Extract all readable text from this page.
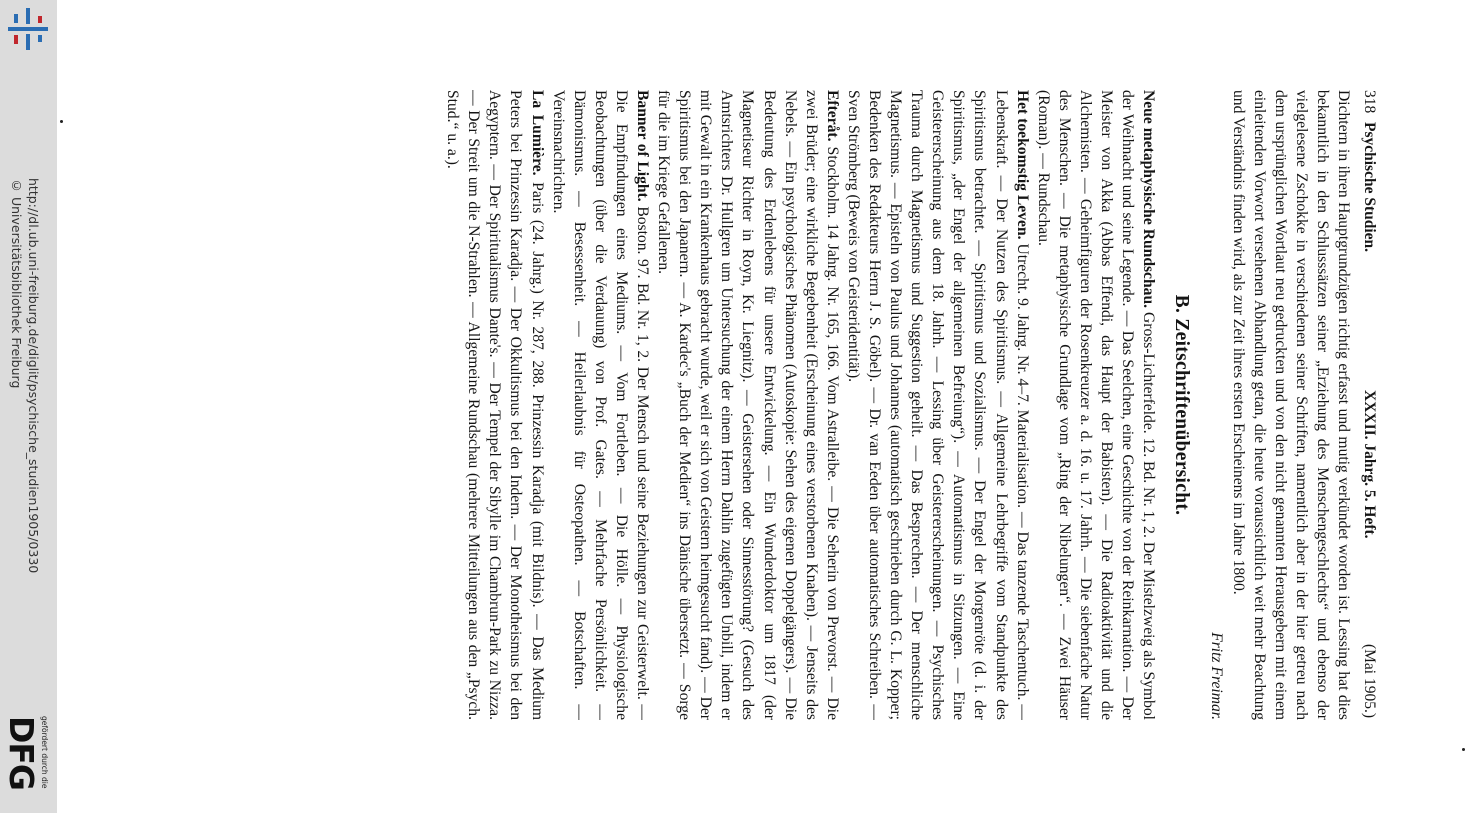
http://dl.ub.uni-freiburg.de/diglit/psychische_studien1905/0330
© Universitätsbibliothek Freiburg
gefördert durch die
DFG
318
Psychische Studien.
XXXII. Jahrg. 5. Heft.
(Mai 1905.)

Dichtern in ihren Hauptgrundzügen richtig erfasst und mutig verkündet worden ist. Lessing hat dies bekanntlich in den Schlusssätzen seiner „Erziehung des Menschengeschlechts“ und ebenso der vielgelesene Zschokke in verschiedenen seiner Schriften, namentlich aber in der hier getreu nach dem ursprünglichen Wortlaut neu gedruckten und von den nicht genannten Herausgebern mit einem einleitenden Vorwort versehenen Abhandlung getan, die heute voraussichtlich weit mehr Beachtung und Verständnis finden wird, als zur Zeit ihres ersten Erscheinens im Jahre 1800.

Fritz Freimar.

B. Zeitschriftenübersicht.

Neue metaphysische Rundschau. Gross-Lichterfelde. 12. Bd. Nr. 1, 2. Der Mistelzweig als Symbol der Weihnacht und seine Legende. — Das Seelchen, eine Geschichte von der Reinkarnation. — Der Meister von Akka (Abbas Effendi, das Haupt der Babisten). — Die Radioaktivität und die Alchemisten. — Geheimfiguren der Rosenkreuzer a. d. 16. u. 17. Jahrh. — Die siebenfache Natur des Menschen. — Die metaphysische Grundlage vom „Ring der Nibelungen“. — Zwei Häuser (Roman). — Rundschau.

Het toekomstig Leven. Utrecht. 9. Jahrg. Nr. 4–7. Materialisation. — Das tanzende Taschentuch. — Lebenskraft. — Der Nutzen des Spiritismus. — Allgemeine Lehrbegriffe vom Standpunkte des Spiritismus betrachtet. — Spiritismus und Sozialismus. — Der Engel der Morgenröte (d. i. der Spiritismus, „der Engel der allgemeinen Befreiung“). — Automatismus in Sitzungen. — Eine Geistererscheinung aus dem 18. Jahrh. — Lessing über Geistererscheinungen. — Psychisches Trauma durch Magnetismus und Suggestion geheilt. — Das Besprechen. — Der menschliche Magnetismus. — Episteln von Paulus und Johannes (automatisch geschrieben durch G. L. Kopper; Bedenken des Redakteurs Herrn J. S. Göbel). — Dr. van Eeden über automatisches Schreiben. — Sven Strömberg (Beweis von Geisteridentität).

Efteråt. Stockholm. 14 Jahrg. Nr. 165, 166. Vom Astralleibe. — Die Seherin von Prevorst. — Die zwei Brüder; eine wirkliche Begebenheit (Erscheinung eines verstorbenen Knaben). — Jenseits des Nebels. — Ein psychologisches Phänomen (Autoskopie: Sehen des eigenen Doppelgängers). — Die Bedeutung des Erdenlebens für unsere Entwickelung. — Ein Wunderdoktor um 1817 (der Magnetiseur Richter in Royn, Kr. Liegnitz). — Geistersehen oder Sinnesstörung? (Gesuch des Amtsrichters Dr. Hullgren um Untersuchung der einem Herrn Dahlin zugefügten Unbill, indem er mit Gewalt in ein Krankenhaus gebracht wurde, weil er sich von Geistern heimgesucht fand). — Der Spiritismus bei den Japanern. — A. Kardec's „Buch der Medien“ ins Dänische übersetzt. — Sorge für die im Kriege Gefallenen.

Banner of Light. Boston. 97. Bd. Nr. 1, 2. Der Mensch und seine Beziehungen zur Geisterwelt. — Die Empfindungen eines Mediums. — Vom Fortleben. — Die Hölle. — Physiologische Beobachtungen (über die Verdauung) von Prof. Gates. — Mehrfache Persönlichkeit. — Dämonismus. — Besessenheit. — Heilerlaubnis für Osteopathen. — Botschaften. — Vereinsnachrichten.

La Lumière. Paris (24. Jahrg.) Nr. 287, 288. Prinzessin Karadja (mit Bildnis). — Das Medium Peters bei Prinzessin Karadja. — Der Okkultismus bei den Indern. — Der Monotheismus bei den Aegyptern. — Der Spiritualismus Dante's. — Der Tempel der Sibylle im Chambrun-Park zu Nizza. — Der Streit um die N-Strahlen. — Allgemeine Rundschau (mehrere Mitteilungen aus den „Psych. Stud.“ u. a.).
